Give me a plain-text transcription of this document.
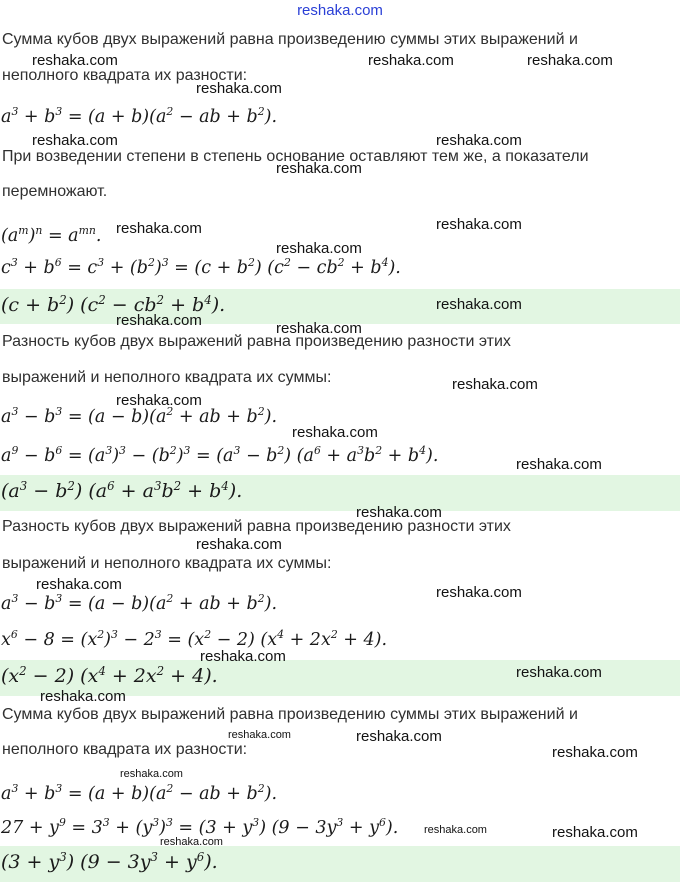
reshaka.com
Сумма кубов двух выражений равна произведению суммы этих выражений и
неполного квадрата их разности:
$a^3 + b^3 = (a + b)(a^2$ − ab + $b^2$).
При возведении степени в степень основание оставляют тем же, а показатели
перемножают.
$(a^m)^n = a^{mn}$.
$c^3 + b^6 = c^3 + (b^2)^3 = (c + b^2) (c^2 - cb^2 + b^4)$.
$(c + b^2)$ $(c^2 - cb^2 + b^4)$.
Разность кубов двух выражений равна произведению разности этих
выражений и неполного квадрата их суммы:
$a^3 - b^3 = (a - b)(a^2$ + ab + $b^2$).
$a^9 - b^6 = (a^3)^3 - (b^2)^3 = (a^3 - b^2) (a^6 + a^3b^2 + b^4)$.
$(a^3 - b^2) (a^6 + a^3b^2 + b^4)$.
Разность кубов двух выражений равна произведению разности этих
выражений и неполного квадрата их суммы:
$a^3 - b^3 = (a - b)(a^2$ + ab + $b^2$).
$x^6 - 8 = (x^2)^3 - 2^3 = (x^2 - 2) (x^4 + 2x^2 + 4)$.
$(x^2 - 2) (x^4 + 2x^2 + 4)$.
Сумма кубов двух выражений равна произведению суммы этих выражений и
неполного квадрата их разности:
$a^3 + b^3 = (a + b)(a^2$ − ab + $b^2$).
$27 + y^9 = 3^3 + (y^3)^3 = (3 + y^3) (9 - 3y^3 + y^6)$.
$(3 + y^3)$ $(9 - 3y^3 + y^6)$.
reshaka.com	reshaka.com	reshaka.com
reshaka.com
reshaka.com	reshaka.com
reshaka.com
reshaka.com	reshaka.com
reshaka.com
reshaka.com
reshaka.com	reshaka.com
reshaka.com
reshaka.com
reshaka.com
reshaka.com
reshaka.com
reshaka.com
reshaka.com	reshaka.com
reshaka.com
reshaka.com
reshaka.com
reshaka.com	reshaka.com
reshaka.com
reshaka.com
reshaka.com	reshaka.com
reshaka.com
